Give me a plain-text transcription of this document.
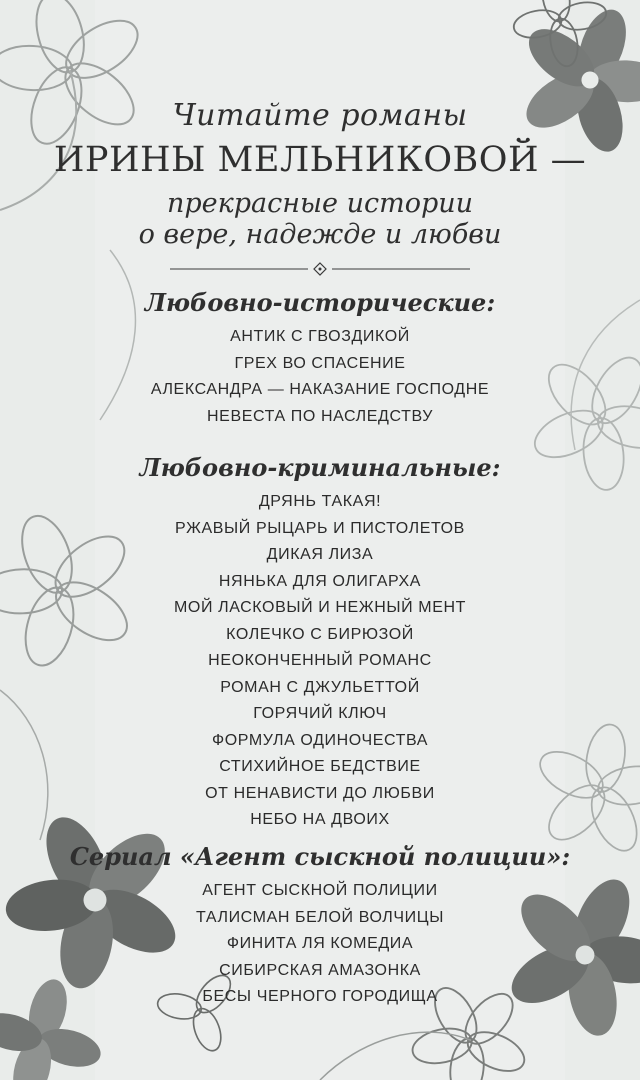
Читайте романы
ИРИНЫ МЕЛЬНИКОВОЙ —
прекрасные истории
о вере, надежде и любви
Любовно-исторические:
АНТИК С ГВОЗДИКОЙ
ГРЕХ ВО СПАСЕНИЕ
АЛЕКСАНДРА — НАКАЗАНИЕ ГОСПОДНЕ
НЕВЕСТА ПО НАСЛЕДСТВУ
Любовно-криминальные:
ДРЯНЬ ТАКАЯ!
РЖАВЫЙ РЫЦАРЬ И ПИСТОЛЕТОВ
ДИКАЯ ЛИЗА
НЯНЬКА ДЛЯ ОЛИГАРХА
МОЙ ЛАСКОВЫЙ И НЕЖНЫЙ МЕНТ
КОЛЕЧКО С БИРЮЗОЙ
НЕОКОНЧЕННЫЙ РОМАНС
РОМАН С ДЖУЛЬЕТТОЙ
ГОРЯЧИЙ КЛЮЧ
ФОРМУЛА ОДИНОЧЕСТВА
СТИХИЙНОЕ БЕДСТВИЕ
ОТ НЕНАВИСТИ ДО ЛЮБВИ
НЕБО НА ДВОИХ
Сериал «Агент сыскной полиции»:
АГЕНТ СЫСКНОЙ ПОЛИЦИИ
ТАЛИСМАН БЕЛОЙ ВОЛЧИЦЫ
ФИНИТА ЛЯ КОМЕДИА
СИБИРСКАЯ АМАЗОНКА
БЕСЫ ЧЕРНОГО ГОРОДИЩА
